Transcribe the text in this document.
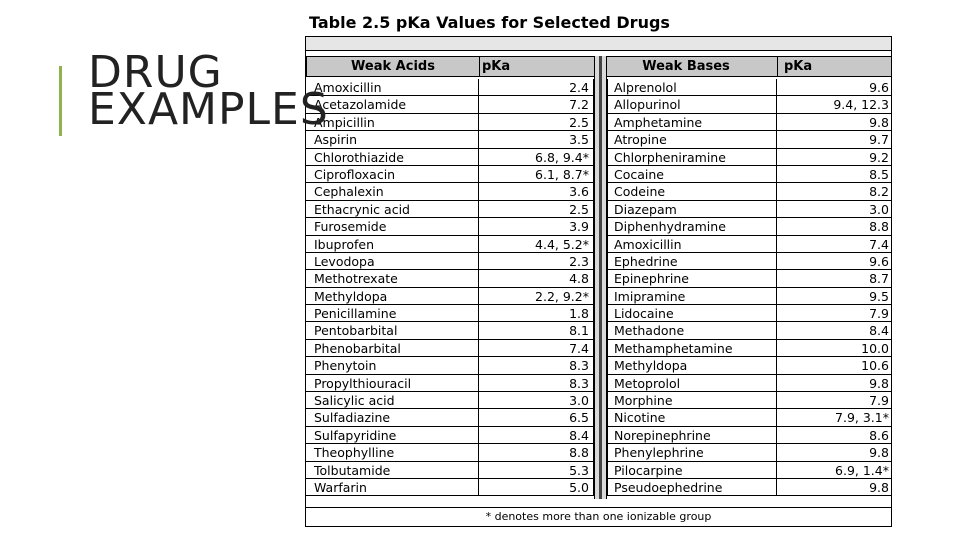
DRUG
EXAMPLES
Table 2.5 pKa Values for Selected Drugs
Weak Acids	pKa	Weak Bases	pKa
Amoxicillin	2.4	Alprenolol	9.6
Acetazolamide	7.2	Allopurinol	9.4, 12.3
Ampicillin	2.5	Amphetamine	9.8
Aspirin	3.5	Atropine	9.7
Chlorothiazide	6.8, 9.4*	Chlorpheniramine	9.2
Ciprofloxacin	6.1, 8.7*	Cocaine	8.5
Cephalexin	3.6	Codeine	8.2
Ethacrynic acid	2.5	Diazepam	3.0
Furosemide	3.9	Diphenhydramine	8.8
Ibuprofen	4.4, 5.2*	Amoxicillin	7.4
Levodopa	2.3	Ephedrine	9.6
Methotrexate	4.8	Epinephrine	8.7
Methyldopa	2.2, 9.2*	Imipramine	9.5
Penicillamine	1.8	Lidocaine	7.9
Pentobarbital	8.1	Methadone	8.4
Phenobarbital	7.4	Methamphetamine	10.0
Phenytoin	8.3	Methyldopa	10.6
Propylthiouracil	8.3	Metoprolol	9.8
Salicylic acid	3.0	Morphine	7.9
Sulfadiazine	6.5	Nicotine	7.9, 3.1*
Sulfapyridine	8.4	Norepinephrine	8.6
Theophylline	8.8	Phenylephrine	9.8
Tolbutamide	5.3	Pilocarpine	6.9, 1.4*
Warfarin	5.0	Pseudoephedrine	9.8
* denotes more than one ionizable group
